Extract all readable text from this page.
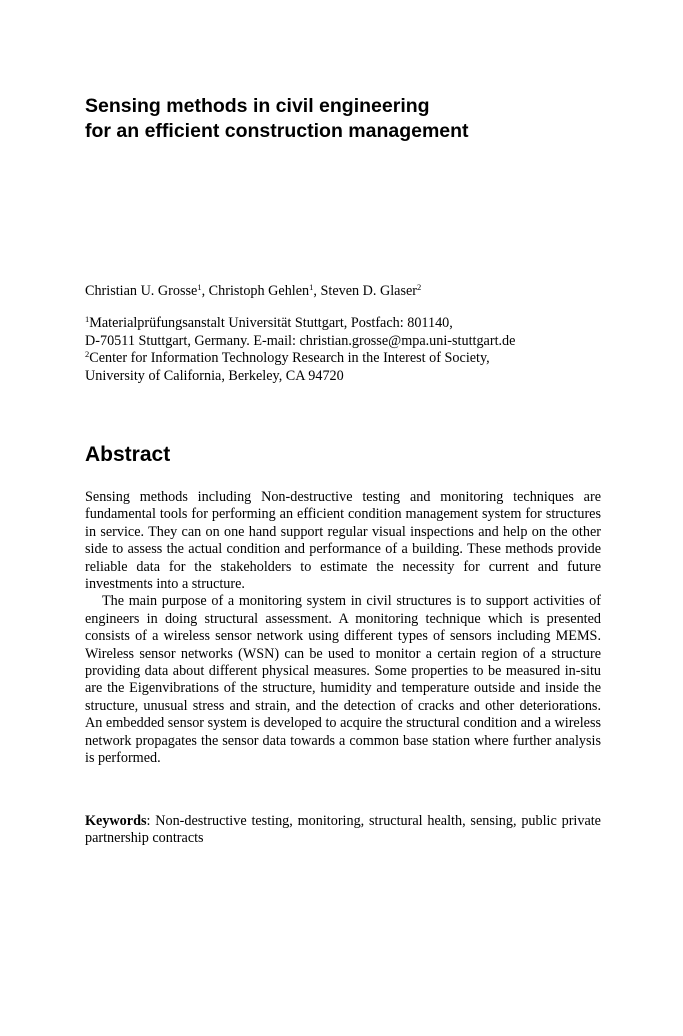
Sensing methods in civil engineering
for an efficient construction management
Christian U. Grosse$^1$, Christoph Gehlen$^1$, Steven D. Glaser$^2$
$^1$Materialprüfungsanstalt Universität Stuttgart, Postfach: 801140,
D-70511 Stuttgart, Germany. E-mail: christian.grosse@mpa.uni-stuttgart.de
$^2$Center for Information Technology Research in the Interest of Society,
University of California, Berkeley, CA 94720
Abstract

Sensing methods including Non-destructive testing and monitoring techniques are fundamental tools for performing an efficient condition management system for structures in service. They can on one hand support regular visual inspections and help on the other side to assess the actual condition and performance of a building. These methods provide reliable data for the stakeholders to estimate the necessity for current and future investments into a structure.

The main purpose of a monitoring system in civil structures is to support activities of engineers in doing structural assessment. A monitoring technique which is presented consists of a wireless sensor network using different types of sensors including MEMS. Wireless sensor networks (WSN) can be used to monitor a certain region of a structure providing data about different physical measures. Some properties to be measured in-situ are the Eigenvibrations of the structure, humidity and temperature outside and inside the structure, unusual stress and strain, and the detection of cracks and other deteriorations. An embedded sensor system is developed to acquire the structural condition and a wireless network propagates the sensor data towards a common base station where further analysis is performed.

Keywords: Non-destructive testing, monitoring, structural health, sensing, public private partnership contracts
